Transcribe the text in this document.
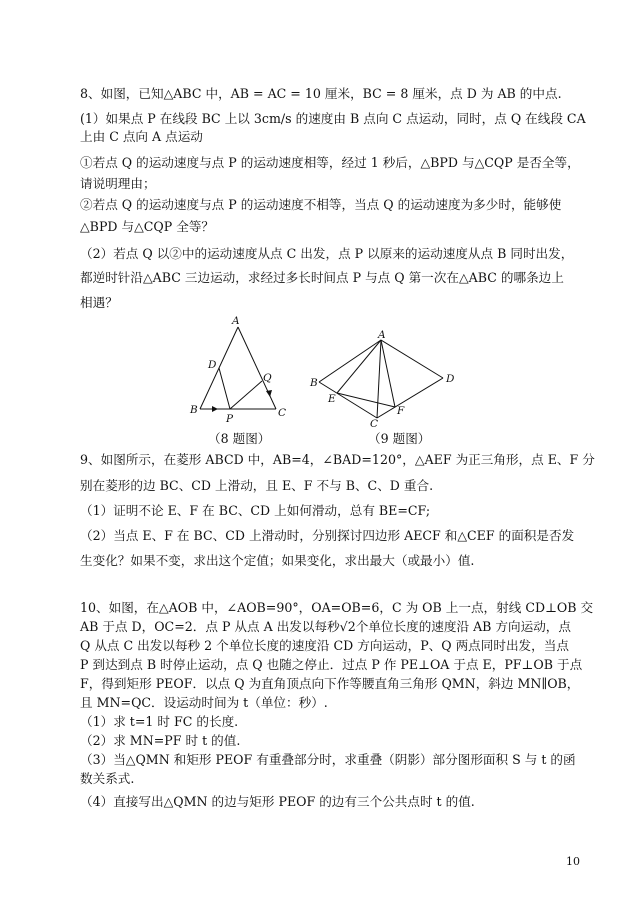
8、如图，已知△ABC 中，AB = AC = 10 厘米，BC = 8 厘米，点 D 为 AB 的中点.
(1）如果点 P 在线段 BC 上以 3cm/s 的速度由 B 点向 C 点运动，同时，点 Q 在线段 CA
上由 C 点向 A 点运动
①若点 Q 的运动速度与点 P 的运动速度相等，经过 1 秒后，△BPD 与△CQP 是否全等，
请说明理由；
②若点 Q 的运动速度与点 P 的运动速度不相等，当点 Q 的运动速度为多少时，能够使
△BPD 与△CQP 全等？
（2）若点 Q 以②中的运动速度从点 C 出发，点 P 以原来的运动速度从点 B 同时出发，
都逆时针沿△ABC 三边运动，求经过多长时间点 P 与点 Q 第一次在△ABC 的哪条边上
相遇？
A
B	C
D
P
Q
（8 题图）
A
B
C
D
E
F
（9 题图）
9、如图所示，在菱形 ABCD 中，AB=4，∠BAD=120°，△AEF 为正三角形，点 E、F 分
别在菱形的边 BC、CD 上滑动，且 E、F 不与 B、C、D 重合.
（1）证明不论 E、F 在 BC、CD 上如何滑动，总有 BE=CF;
（2）当点 E、F 在 BC、CD 上滑动时，分别探讨四边形 AECF 和△CEF 的面积是否发
生变化？如果不变，求出这个定值；如果变化，求出最大（或最小）值.
10、如图，在△AOB 中，∠AOB=90°，OA=OB=6，C 为 OB 上一点，射线 CD⊥OB 交
AB 于点 D，OC=2．点 P 从点 A 出发以每秒√2个单位长度的速度沿 AB 方向运动，点
Q 从点 C 出发以每秒 2 个单位长度的速度沿 CD 方向运动，P、Q 两点同时出发，当点
P 到达到点 B 时停止运动，点 Q 也随之停止．过点 P 作 PE⊥OA 于点 E，PF⊥OB 于点
F，得到矩形 PEOF．以点 Q 为直角顶点向下作等腰直角三角形 QMN，斜边 MN∥OB，
且 MN=QC．设运动时间为 t（单位：秒）.
（1）求 t=1 时 FC 的长度.
（2）求 MN=PF 时 t 的值.
（3）当△QMN 和矩形 PEOF 有重叠部分时，求重叠（阴影）部分图形面积 S 与 t 的函
数关系式.
（4）直接写出△QMN 的边与矩形 PEOF 的边有三个公共点时 t 的值.
10
